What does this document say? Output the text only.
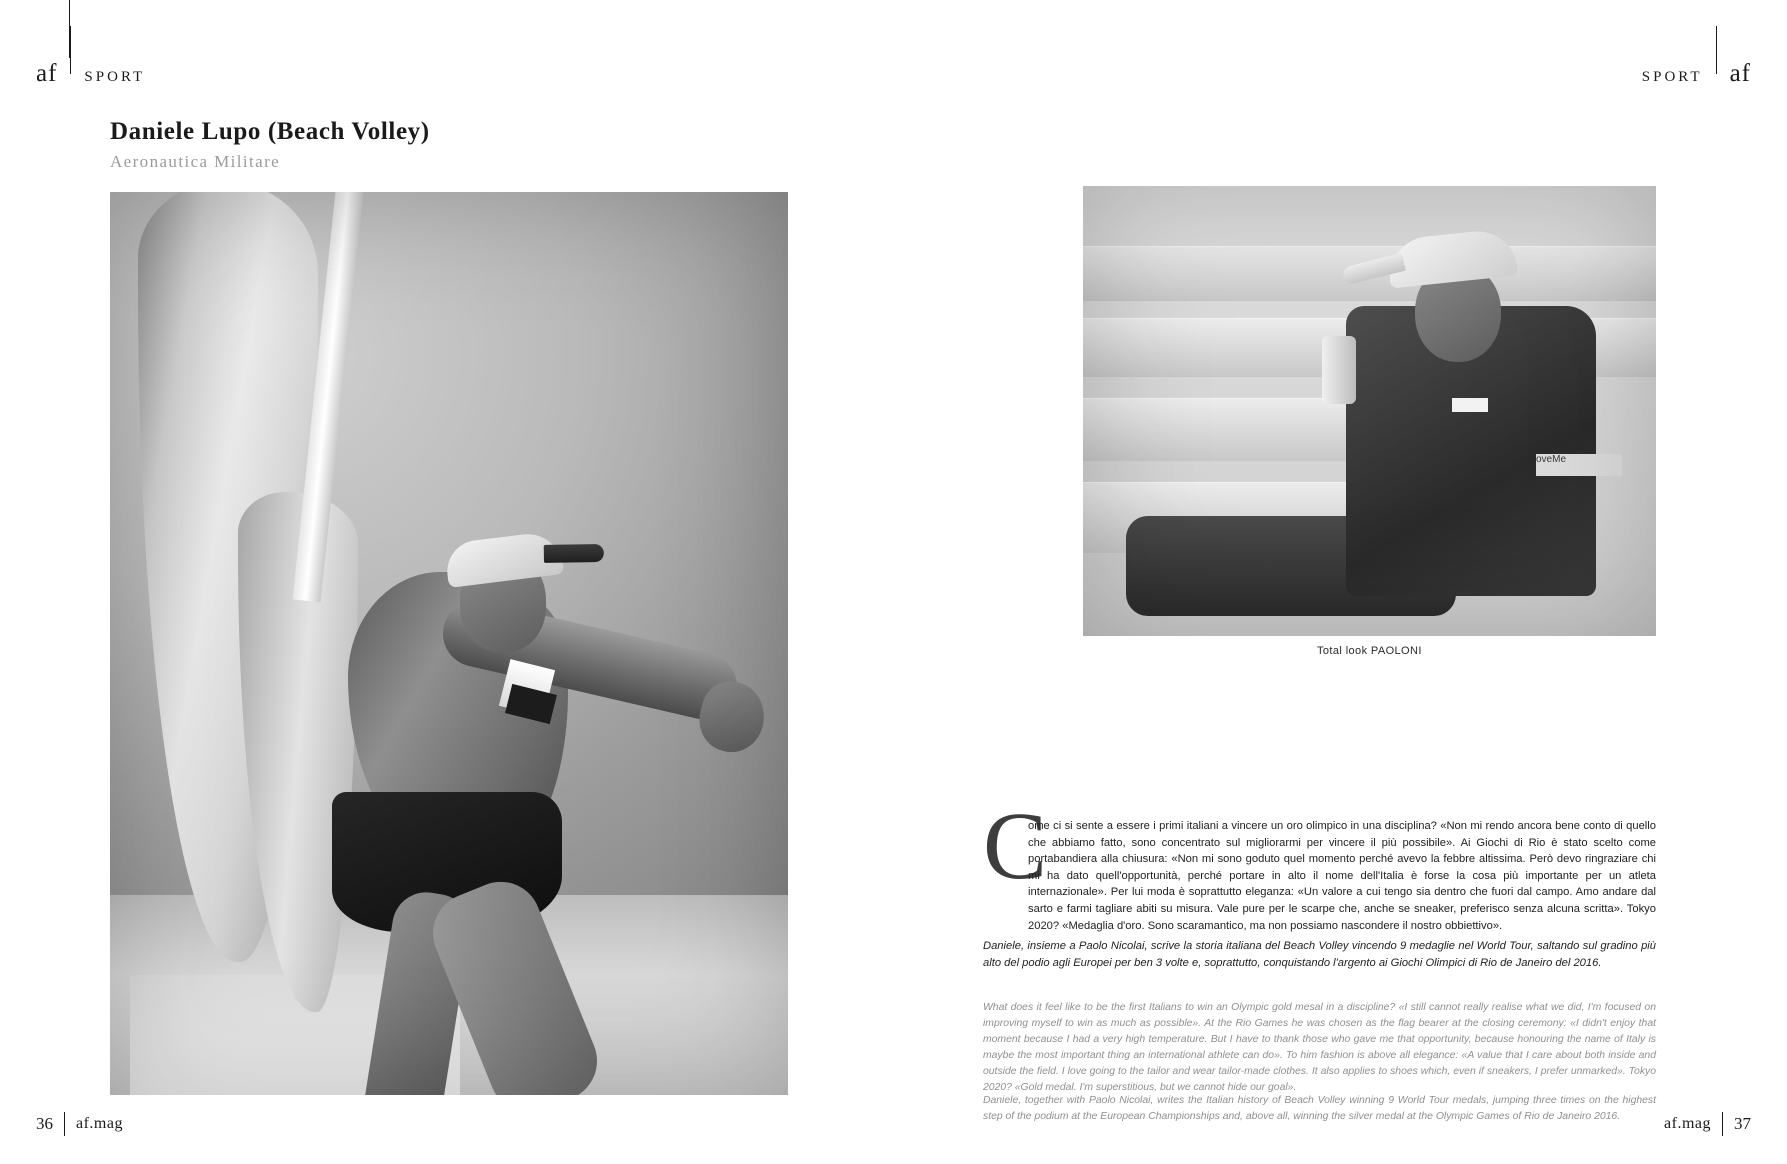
af SPORT	SPORT af
Daniele Lupo (Beach Volley)
Aeronautica Militare
oveMe
Total look PAOLONI
C

ome ci si sente a essere i primi italiani a vincere un oro olimpico in una disciplina? «Non mi rendo ancora bene conto di quello che abbiamo fatto, sono concentrato sul migliorarmi per vincere il più possibile». Ai Giochi di Rio è stato scelto come portabandiera alla chiusura: «Non mi sono goduto quel momento perché avevo la febbre altissima. Però devo ringraziare chi mi ha dato quell'opportunità, perché portare in alto il nome dell'Italia è forse la cosa più importante per un atleta internazionale». Per lui moda è soprattutto eleganza: «Un valore a cui tengo sia dentro che fuori dal campo. Amo andare dal sarto e farmi tagliare abiti su misura. Vale pure per le scarpe che, anche se sneaker, preferisco senza alcuna scritta». Tokyo 2020? «Medaglia d'oro. Sono scaramantico, ma non possiamo nascondere il nostro obbiettivo».

Daniele, insieme a Paolo Nicolai, scrive la storia italiana del Beach Volley vincendo 9 medaglie nel World Tour, saltando sul gradino più alto del podio agli Europei per ben 3 volte e, soprattutto, conquistando l'argento ai Giochi Olimpici di Rio de Janeiro del 2016.

What does it feel like to be the first Italians to win an Olympic gold mesal in a discipline? «I still cannot really realise what we did, I'm focused on improving myself to win as much as possible». At the Rio Games he was chosen as the flag bearer at the closing ceremony: «I didn't enjoy that moment because I had a very high temperature. But I have to thank those who gave me that opportunity, because honouring the name of Italy is maybe the most important thing an international athlete can do». To him fashion is above all elegance: «A value that I care about both inside and outside the field. I love going to the tailor and wear tailor-made clothes. It also applies to shoes which, even if sneakers, I prefer unmarked». Tokyo 2020? «Gold medal. I'm superstitious, but we cannot hide our goal».

Daniele, together with Paolo Nicolai, writes the Italian history of Beach Volley winning 9 World Tour medals, jumping three times on the highest step of the podium at the European Championships and, above all, winning the silver medal at the Olympic Games of Rio de Janeiro 2016.

36 af.mag	af.mag 37
